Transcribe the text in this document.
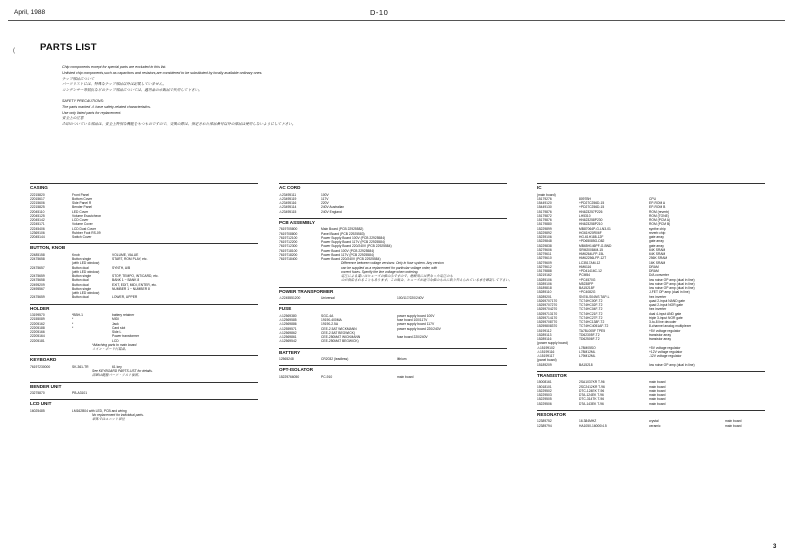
April, 1988	D-10
PARTS LIST
(
Chip components except for special parts are excluded in this list.
Unlisted chip components,such as capacitors and resistors,are considered to be substituted by locally available ordinary ones.
チップ部品について
パーツリストには、特殊なチップ部品以外は記載していません。
コンデンサー等抵抗などのチップ部品については、適用品の市販品で代用して下さい。
SAFETY PRECAUTIONS:
The parts marked ⚠ have safety-related characteristics.
Use only listed parts for replacement.
安全上の注意
⚠印のついている部品は、安全上特別な機能をもつものですので、交換の際は、指定された部品番号以外の部品は使用しないようにして下さい。
CASING
22215820	Front Panel
22015617	Bottom Cover
22215606	Side Panel R
22215825	Bender Panel
22045110	LED Cover
22045125	Volume Escutcheon
22045142	LCD Cover
22245171	Volume Cover
22245406	LCD Dust Cover
12369106	Rubber Foot RS-09
22045144	Switch Cover
BUTTON, KNOB
22485158	Knob	VOLUME, VALUE
22475658	Button single	START, ROM PLAY, etc.
(with LED window)
22475657	Button dual	SYNTH, A/B
(with LED window)
22475659	Button single	STOP, TEMPO, INT/CARD, etc.
22475658	Button dual	BANK 1 ~ BANK 8
22495209	Button dual	EXIT, EDIT, MIDI, ENTER, etc.
22495567	Button single	NUMBER 1 ~ NUMBER 8
(with LED window)
22475659	Button dual	LOWER, UPPER
HOLDER
13199570	*BBH-1	battery retainer
22155089	*	MIDI
22205162	*	Jack
22205188	*	Card slot
22205166	Side L
22205164	Power transformer
22205181	LCD
*Attaching parts to main board.
メイン・ボード付属品。
KEYBOARD
76197230000	SK-361-TR	61 key
See KEYBOARD PARTS LIST for details.
詳細は鍵盤パーツ・リスト参照。
BENDER UNIT
23275870	PB-A3101
LCD UNIT
16025485	LM162B04 with LED, PCB and wiring
No replacement for individual parts.
単体ではユニット単位
AC CORD
⚠23495111	100V
⚠23495119	117V
⚠23495116	220V
⚠23495114	240V Australian
⚠23495115	240V England
PCB ASSEMBLY
7619705800	Main Board (PCB 22925582)
7619708800	Panel Board (PCB 22925583)
7619712100	Power Supply Board 100V (PCB 22925584)
7619712200	Power Supply Board 117V (PCB 22925584)
7619712300	Power Supply Board 220/240V (PCB 22925584)
7619718100	Power Board 100V (PCB 22925584)
7619718200	Power Board 117V (PCB 22925584)
7619718400	Power Board 220/240V (PCB 22925584)
Difference between voltage versions: Only in fuse system. Any version
can be supplied as a replacement for particular voltage order, with
correct fuses. Specify the line voltage when ordering.
電圧による違いはヒューズの値のみですので、継続用には異なった電圧のも
のが供給されることもあります。この場合、ヒューズが適当な値のものに取り替えられている事を確認して下さい。
POWER TRANSFORMER
⚠2245551200	Universal	100/117/220/240V
FUSE
⚠12569380	SGC-4A	power supply board 100V
⚠12569585	19190-400MA	fuse board 100/117V
⚠12569886	19190-2.5A	power supply board 117V
⚠12559571	CEE-2.5AT WICKMANN	power supply board 220/240V
⚠12569862	CEE-2.5AT BEGWICK)
⚠12569861	CEE-250MAT WICKMANN	fuse board 220/240V
⚠12569542	CEE-250MAT BEGWICK)
BATTERY
12565248	CR2032 (leadless)	lithium
OPT-ISOLATOR
15229766050	PC-910	main board
IC
(main board)
15179276	8097BH	CPU
15449120	+PD27C256D-15	EP-ROM A
15449130	+PD27C256D-15	EP-ROM B
15179876	HN623257P226	ROM (reverb)
15179872	LH5310	ROM (TONE)
15179876	HN623258P230	ROM (PCM A)
15179880	HN623258P210	ROM (PCM B)
15229899	MB87064P-G-LN3-01	synthe chip
15229892	HG61H20R06F	reverb chip
15239106	HG-61H188-12F	gate array
15229848	+PD65085G-D82	gate array
15229838	MB65H146PF-G-BND	gate array
15279606	SRM20084M-15	64K SRAM
15279611	HM6264LFP-15L	64K SRAM
15279610	HM62256LFP-12T	256K SRAM
15279609	LC3517AM-12	16K SRAM
15279612	HM6116	DRAM
15179888	+PD41416C-12	DRAM
15219162	PCM54	D/A converter
15289106	+PC4570G	low noise OP amp (dual in line)
15289106	M5238FP	low noise OP amp (dual in line)
15189818	BA15218F	low noise OP amp (dual in line)
15289110	+PC4082G	J-FET OP amp (dual in line)
15289201	SN74LS04NS TAP-L	hex inverter
15269707170	TC74HC00F-T2	quad 2-input NAND gate
15259707270	TC74HC02F-T2	quad 2-input NOR gate
15259704270	TC74HC04F-T2	hex inverter
15259713170	TC74HC21F-T2	dual 4-input AND gate
15259714170	TC74HC27F-T2	triple 3-input NOR gate
15259708770	TC74HC138F-T2	3-to-8 line decoder
15259808370	TC74HC4051AF-T2	8-channel analog multiplexer
15199112	TA78L005F TPE5	+5V voltage regulator
15289113	TD62305F-T2	transistor array
15289116	TD62506F-T2	transistor array
(power supply board)
⚠15199102	L78M05SO	+5V voltage regulator
⚠15199116	L78M12ML	+12V voltage regulator
⚠15199117	L79M12ML	-12V voltage regulator
(panel board)
15189209	BA15218	low noise OP amp (dual in line)
TRANSISTOR
15008161	2SA1037KR T-96	main board
15018101	2SC2412KR T-96	main board
15229502	DTC-124EK T-96	main board
15229503	DTA-124EK T-96	main board
15229505	DTC-314TK T-96	main board
15229506	DTA-143EK T-96	main board
RESONATOR
12389752	16.384MHZ	crystal	main board
12389794	HA1050-16000/4.5	ceramic	main board
3
